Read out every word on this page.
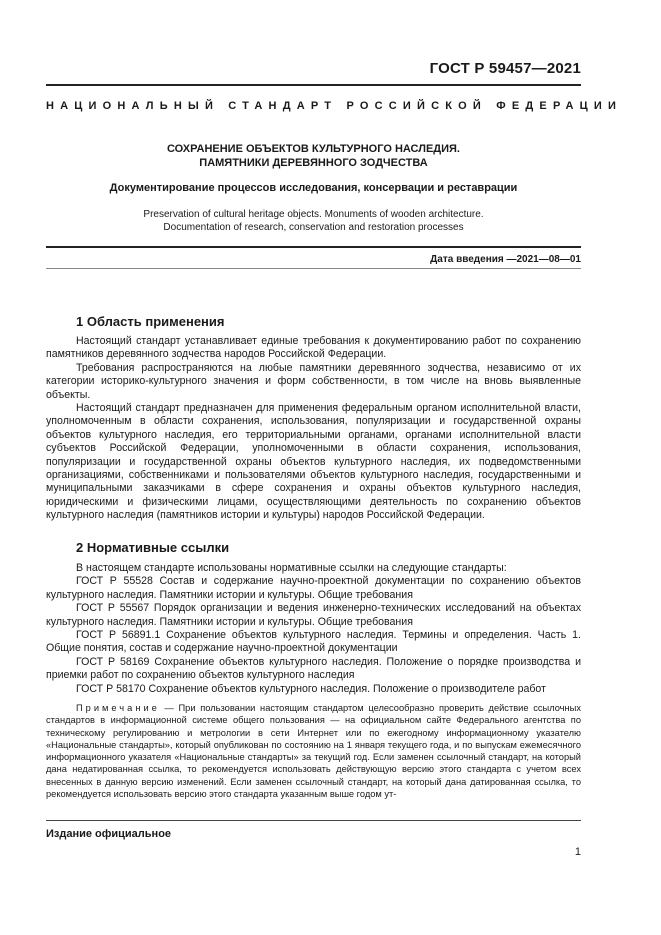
ГОСТ Р 59457—2021
НАЦИОНАЛЬНЫЙ СТАНДАРТ РОССИЙСКОЙ ФЕДЕРАЦИИ
СОХРАНЕНИЕ ОБЪЕКТОВ КУЛЬТУРНОГО НАСЛЕДИЯ.
ПАМЯТНИКИ ДЕРЕВЯННОГО ЗОДЧЕСТВА
Документирование процессов исследования, консервации и реставрации
Preservation of cultural heritage objects. Monuments of wooden architecture.
Documentation of research, conservation and restoration processes
Дата введения —2021—08—01
1 Область применения

Настоящий стандарт устанавливает единые требования к документированию работ по сохранению памятников деревянного зодчества народов Российской Федерации.

Требования распространяются на любые памятники деревянного зодчества, независимо от их категории историко-культурного значения и форм собственности, в том числе на вновь выявленные объекты.

Настоящий стандарт предназначен для применения федеральным органом исполнительной власти, уполномоченным в области сохранения, использования, популяризации и государственной охраны объектов культурного наследия, его территориальными органами, органами исполнительной власти субъектов Российской Федерации, уполномоченными в области сохранения, использования, популяризации и государственной охраны объектов культурного наследия, их подведомственными организациями, собственниками и пользователями объектов культурного наследия, государственными и муниципальными заказчиками в сфере сохранения и охраны объектов культурного наследия, юридическими и физическими лицами, осуществляющими деятельность по сохранению объектов культурного наследия (памятников истории и культуры) народов Российской Федерации.

2 Нормативные ссылки

В настоящем стандарте использованы нормативные ссылки на следующие стандарты:

ГОСТ Р 55528 Состав и содержание научно-проектной документации по сохранению объектов культурного наследия. Памятники истории и культуры. Общие требования

ГОСТ Р 55567 Порядок организации и ведения инженерно-технических исследований на объектах культурного наследия. Памятники истории и культуры. Общие требования

ГОСТ Р 56891.1 Сохранение объектов культурного наследия. Термины и определения. Часть 1. Общие понятия, состав и содержание научно-проектной документации

ГОСТ Р 58169 Сохранение объектов культурного наследия. Положение о порядке производства и приемки работ по сохранению объектов культурного наследия

ГОСТ Р 58170 Сохранение объектов культурного наследия. Положение о производителе работ

Примечание — При пользовании настоящим стандартом целесообразно проверить действие ссылочных стандартов в информационной системе общего пользования — на официальном сайте Федерального агентства по техническому регулированию и метрологии в сети Интернет или по ежегодному информационному указателю «Национальные стандарты», который опубликован по состоянию на 1 января текущего года, и по выпускам ежемесячного информационного указателя «Национальные стандарты» за текущий год. Если заменен ссылочный стандарт, на который дана недатированная ссылка, то рекомендуется использовать действующую версию этого стандарта с учетом всех внесенных в данную версию изменений. Если заменен ссылочный стандарт, на который дана датированная ссылка, то рекомендуется использовать версию этого стандарта указанным выше годом ут-

Издание официальное
1
